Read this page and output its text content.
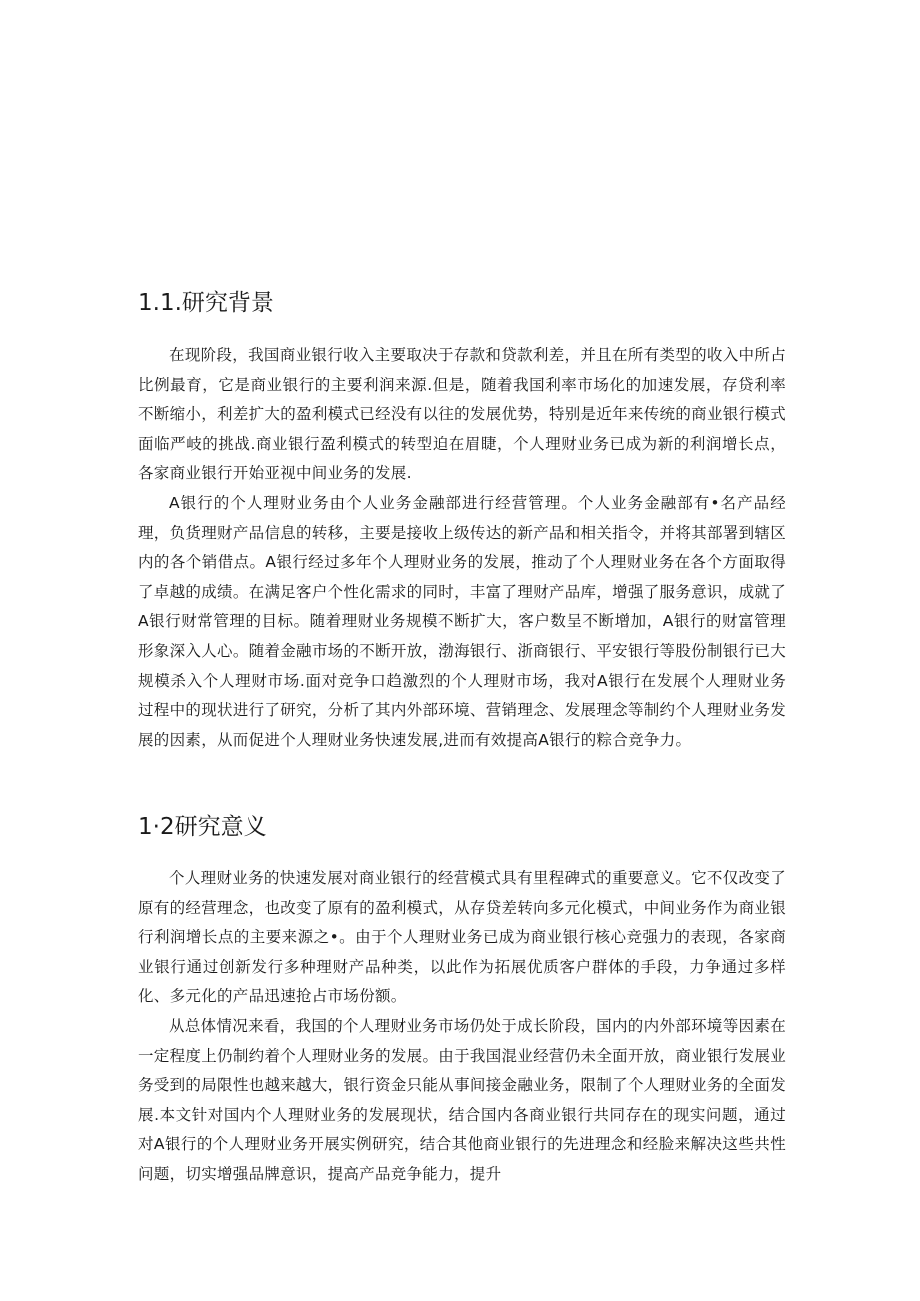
1.1.研究背景

在现阶段，我国商业银行收入主要取决于存款和贷款利差，并且在所有类型的收入中所占比例最育，它是商业银行的主要利润来源.但是，随着我国利率市场化的加速发展，存贷利率不断缩小，利差扩大的盈利模式已经没有以往的发展优势，特别是近年来传统的商业银行模式面临严岐的挑战.商业银行盈利模式的转型迫在眉睫，个人理财业务已成为新的利润增长点，各家商业银行开始亚视中间业务的发展.

A银行的个人理财业务由个人业务金融部进行经营管理。个人业务金融部有•名产品经理，负货理财产品信息的转移，主要是接收上级传达的新产品和相关指令，并将其部署到辖区内的各个销借点。A银行经过多年个人理财业务的发展，推动了个人理财业务在各个方面取得了卓越的成绩。在满足客户个性化需求的同时，丰富了理财产品库，增强了服务意识，成就了A银行财常管理的目标。随着理财业务规模不断扩大，客户数呈不断增加，A银行的财富管理形象深入人心。随着金融市场的不断开放，渤海银行、浙商银行、平安银行等股份制银行已大规模杀入个人理财市场.面对竞争口趋激烈的个人理财市场，我对A银行在发展个人理财业务过程中的现状进行了研究，分析了其内外部环境、营销理念、发展理念等制约个人理财业务发展的因素，从而促进个人理财业务快速发展,进而有效提高A银行的粽合竞争力。

1·2研究意义

个人理财业务的快速发展对商业银行的经营模式具有里程碑式的重要意义。它不仅改变了原有的经营理念，也改变了原有的盈利模式，从存贷差转向多元化模式，中间业务作为商业银行利润增长点的主要来源之•。由于个人理财业务已成为商业银行核心竞强力的表现，各家商业银行通过创新发行多种理财产品种类，以此作为拓展优质客户群体的手段，力争通过多样化、多元化的产品迅速抢占市场份额。

从总体情况来看，我国的个人理财业务市场仍处于成长阶段，国内的内外部环境等因素在一定程度上仍制约着个人理财业务的发展。由于我国混业经营仍未全面开放，商业银行发展业务受到的局限性也越来越大，银行资金只能从事间接金融业务，限制了个人理财业务的全面发展.本文针对国内个人理财业务的发展现状，结合国内各商业银行共同存在的现实问题，通过对A银行的个人理财业务开展实例研究，结合其他商业银行的先进理念和经脸来解决这些共性问题，切实增强品牌意识，提高产品竞争能力，提升
